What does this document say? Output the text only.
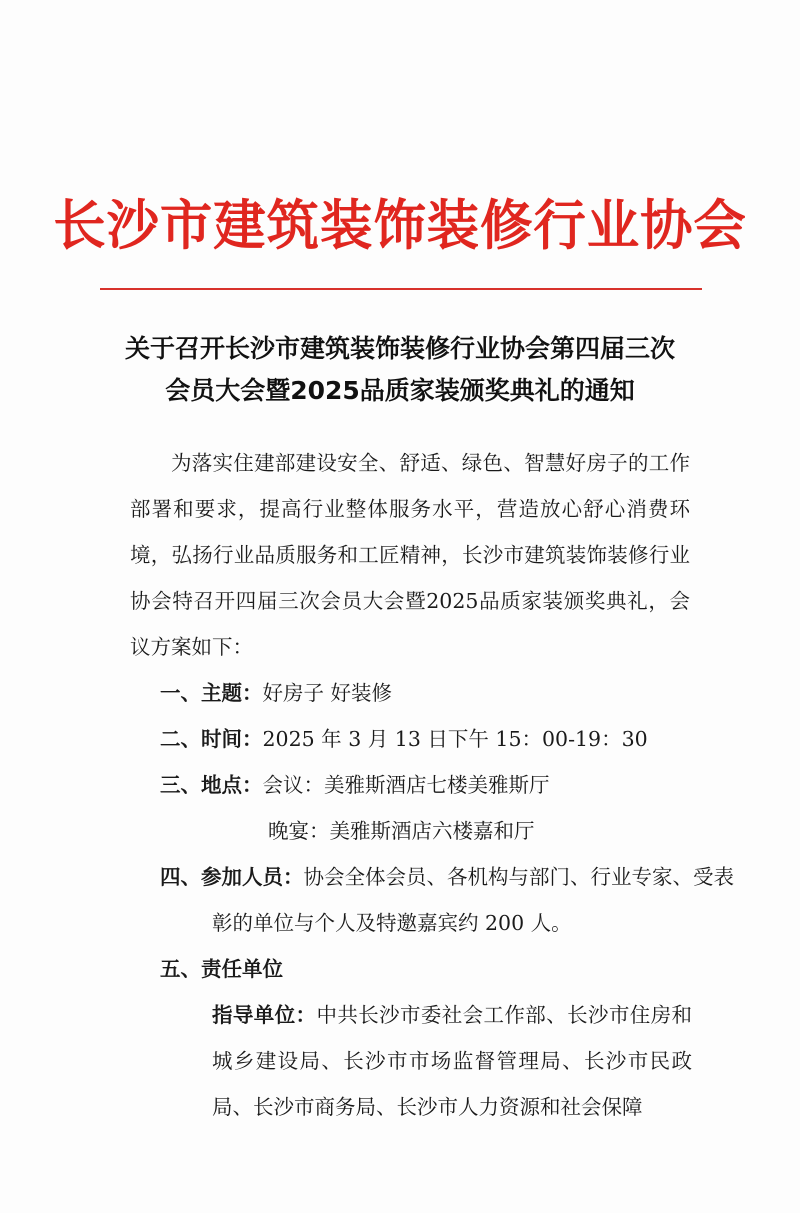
长沙市建筑装饰装修行业协会
关于召开长沙市建筑装饰装修行业协会第四届三次
会员大会暨2025品质家装颁奖典礼的通知
为落实住建部建设安全、舒适、绿色、智慧好房子的工作部署和要求，提高行业整体服务水平，营造放心舒心消费环境，弘扬行业品质服务和工匠精神，长沙市建筑装饰装修行业协会特召开四届三次会员大会暨2025品质家装颁奖典礼，会议方案如下：
一、主题：好房子 好装修
二、时间：2025 年 3 月 13 日下午 15：00-19：30
三、地点：会议：美雅斯酒店七楼美雅斯厅
晚宴：美雅斯酒店六楼嘉和厅
四、参加人员：协会全体会员、各机构与部门、行业专家、受表彰的单位与个人及特邀嘉宾约 200 人。
五、责任单位
指导单位：中共长沙市委社会工作部、长沙市住房和城乡建设局、长沙市市场监督管理局、长沙市民政局、长沙市商务局、长沙市人力资源和社会保障
